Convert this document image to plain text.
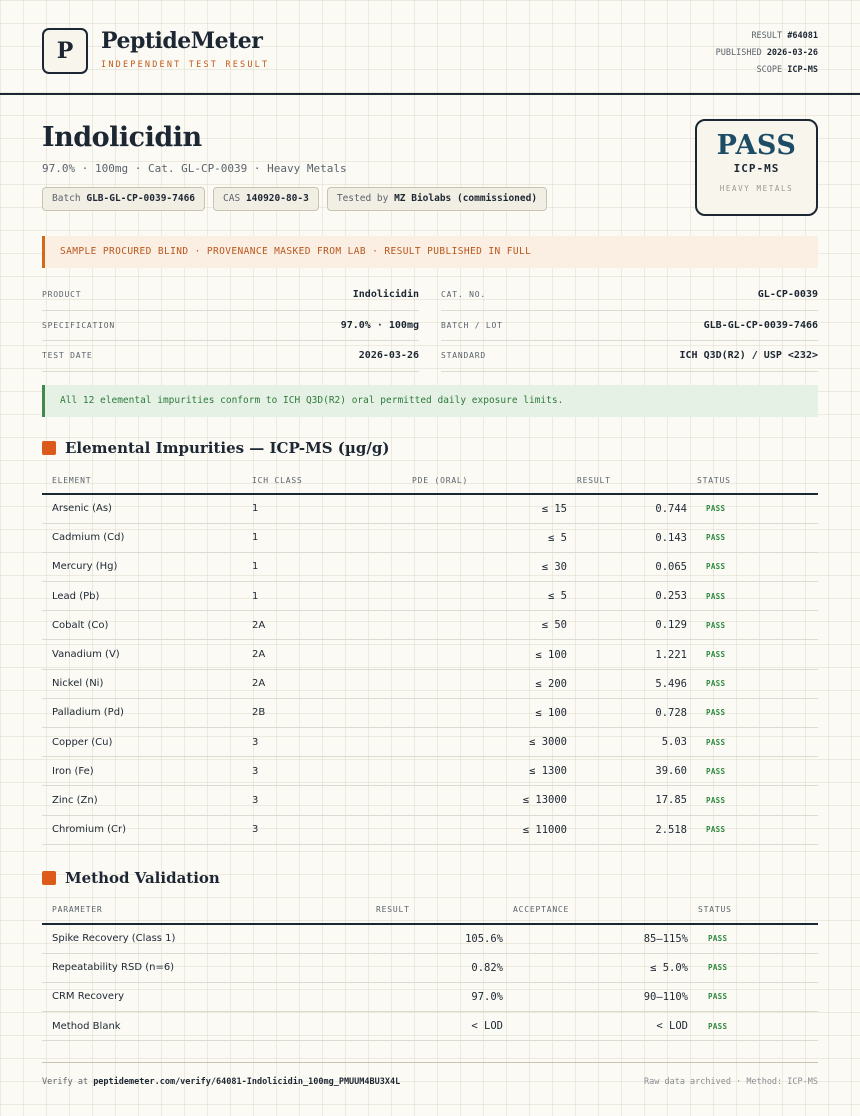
P	PeptideMeter
INDEPENDENT TEST RESULT
RESULT #64081
PUBLISHED 2026-03-26
SCOPE ICP-MS
Indolicidin
97.0% · 100mg · Cat. GL-CP-0039 · Heavy Metals
Batch GLB-GL-CP-0039-7466	CAS 140920-80-3	Tested by MZ Biolabs (commissioned)
PASS
ICP-MS
HEAVY METALS
SAMPLE PROCURED BLIND · PROVENANCE MASKED FROM LAB · RESULT PUBLISHED IN FULL
PRODUCT	Indolicidin	CAT. NO.	GL-CP-0039
SPECIFICATION	97.0% · 100mg	BATCH / LOT	GLB-GL-CP-0039-7466
TEST DATE	2026-03-26	STANDARD	ICH Q3D(R2) / USP <232>
All 12 elemental impurities conform to ICH Q3D(R2) oral permitted daily exposure limits.
Elemental Impurities — ICP-MS (µg/g)
ELEMENT	ICH CLASS	PDE (ORAL)	RESULT	STATUS
Arsenic (As)	1	≤ 15	0.744	PASS
Cadmium (Cd)	1	≤ 5	0.143	PASS
Mercury (Hg)	1	≤ 30	0.065	PASS
Lead (Pb)	1	≤ 5	0.253	PASS
Cobalt (Co)	2A	≤ 50	0.129	PASS
Vanadium (V)	2A	≤ 100	1.221	PASS
Nickel (Ni)	2A	≤ 200	5.496	PASS
Palladium (Pd)	2B	≤ 100	0.728	PASS
Copper (Cu)	3	≤ 3000	5.03	PASS
Iron (Fe)	3	≤ 1300	39.60	PASS
Zinc (Zn)	3	≤ 13000	17.85	PASS
Chromium (Cr)	3	≤ 11000	2.518	PASS
Method Validation
PARAMETER	RESULT	ACCEPTANCE	STATUS
Spike Recovery (Class 1)	105.6%	85–115%	PASS
Repeatability RSD (n=6)	0.82%	≤ 5.0%	PASS
CRM Recovery	97.0%	90–110%	PASS
Method Blank	< LOD	< LOD	PASS
Verify at peptidemeter.com/verify/64081-Indolicidin_100mg_PMUUM4BU3X4L	Raw data archived · Method: ICP-MS
